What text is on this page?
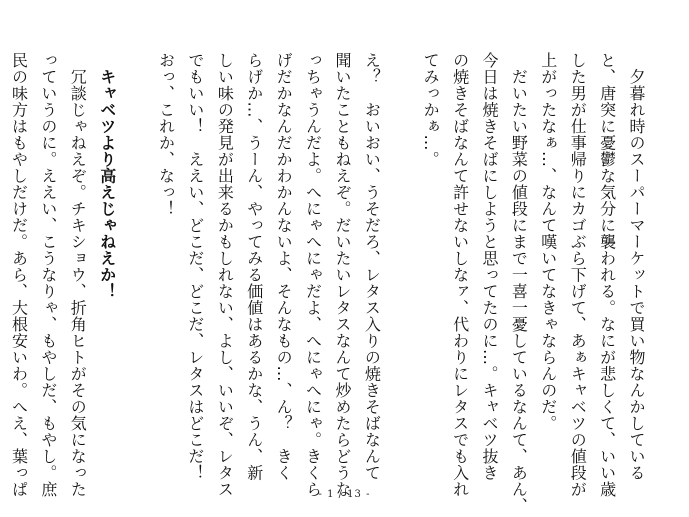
　夕暮れ時のスーパーマーケットで買い物なんかしている
と、唐突に憂鬱な気分に襲われる。なにが悲しくて、いい歳
した男が仕事帰りにカゴぶら下げて、あぁキャベツの値段が
上がったなぁ…、なんて嘆いてなきゃならんのだ。
　だいたい野菜の値段にまで一喜一憂しているなんて、あん、
今日は焼きそばにしようと思ってたのに…。キャベツ抜き
の焼きそばなんて許せないしなァ、代わりにレタスでも入れ
てみっかぁ…。
え？　おいおい、うそだろ、レタス入りの焼きそばなんて
聞いたこともねえぞ。だいたいレタスなんて炒めたらどうな
っちゃうんだよ。へにゃへにゃだよ、へにゃへにゃ。きくら
げだかなんだかわかんないよ、そんなもの…、ん？　きく
らげか…、うーん、やってみる価値はあるかな、うん、新
しい味の発見が出来るかもしれない、よし、いいぞ、レタス
でもいい！　ええい、どこだ、どこだ、レタスはどこだ！
おっ、これか、なっ！
　キャベツより高えじゃねえか！
　冗談じゃねえぞ。チキショウ、折角ヒトがその気になった
っていうのに。ええい、こうなりゃ、もやしだ、もやし。庶
民の味方はもやしだけだ。あら、大根安いわ。へえ、葉っぱ	- 1 / 13 -
